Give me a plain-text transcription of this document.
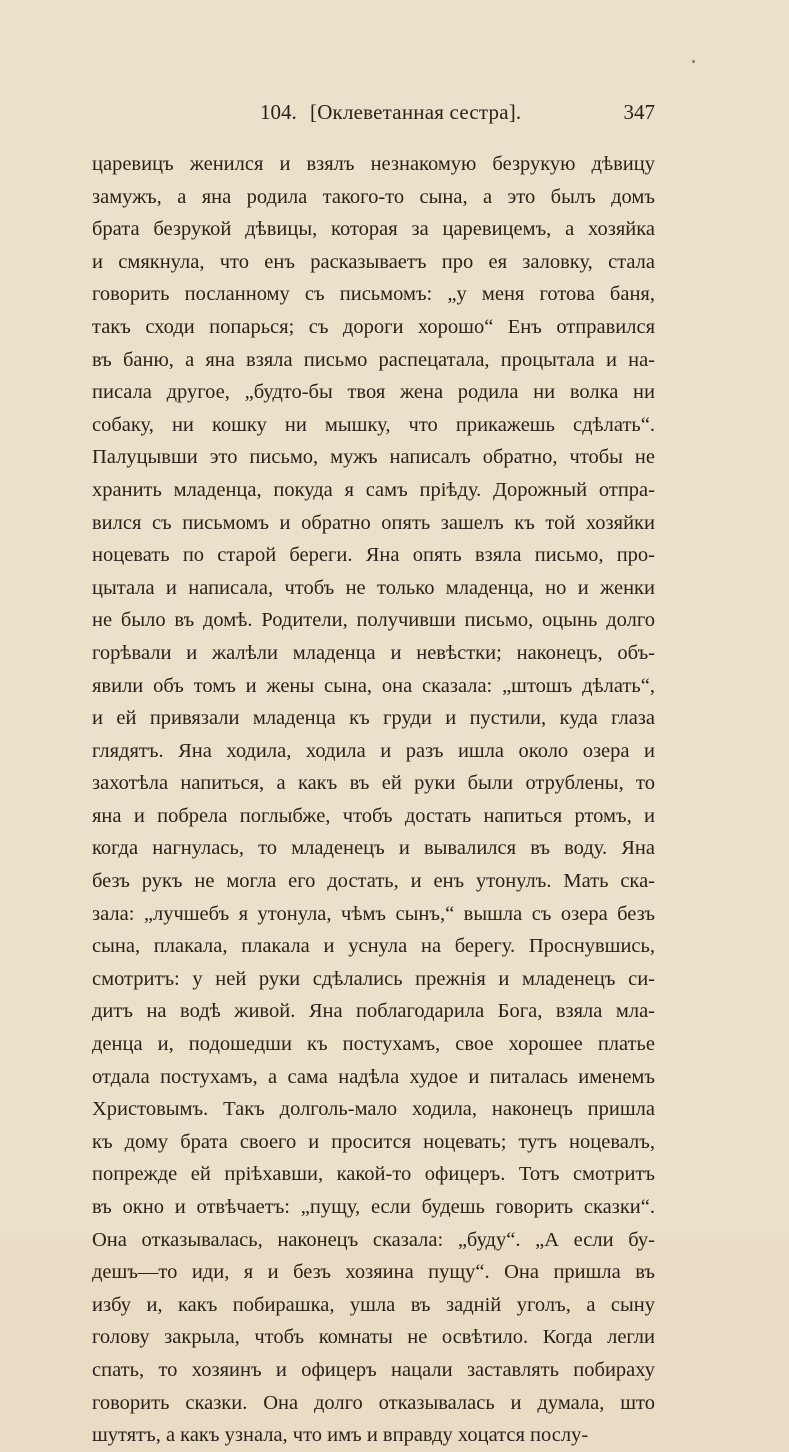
104. [Оклеветанная сестра].	347
царевицъ женился и взялъ незнакомую безрукую дѣвицу
замужъ, а яна родила такого-то сына, а это былъ домъ
брата безрукой дѣвицы, которая за царевицемъ, а хозяйка
и смякнула, что енъ расказываетъ про ея заловку, стала
говорить посланному съ письмомъ: „у меня готова баня,
такъ сходи попарься; съ дороги хорошо“ Енъ отправился
въ баню, а яна взяла письмо распецатала, процытала и на-
писала другое, „будто-бы твоя жена родила ни волка ни
собаку, ни кошку ни мышку, что прикажешь сдѣлать“.
Палуцывши это письмо, мужъ написалъ обратно, чтобы не
хранить младенца, покуда я самъ пріѣду. Дорожный отпра-
вился съ письмомъ и обратно опять зашелъ къ той хозяйки
ноцевать по старой береги. Яна опять взяла письмо, про-
цытала и написала, чтобъ не только младенца, но и женки
не было въ домѣ. Родители, получивши письмо, оцынь долго
горѣвали и жалѣли младенца и невѣстки; наконецъ, объ-
явили объ томъ и жены сына, она сказала: „штошъ дѣлать“,
и ей привязали младенца къ груди и пустили, куда глаза
глядятъ. Яна ходила, ходила и разъ ишла около озера и
захотѣла напиться, а какъ въ ей руки были отрублены, то
яна и побрела поглыбже, чтобъ достать напиться ртомъ, и
когда нагнулась, то младенецъ и вывалился въ воду. Яна
безъ рукъ не могла его достать, и енъ утонулъ. Мать ска-
зала: „лучшебъ я утонула, чѣмъ сынъ,“ вышла съ озера безъ
сына, плакала, плакала и уснула на берегу. Проснувшись,
смотритъ: у ней руки сдѣлались прежнія и младенецъ си-
дитъ на водѣ живой. Яна поблагодарила Бога, взяла мла-
денца и, подошедши къ постухамъ, свое хорошее платье
отдала постухамъ, а сама надѣла худое и питалась именемъ
Христовымъ. Такъ долголь-мало ходила, наконецъ пришла
къ дому брата своего и просится ноцевать; тутъ ноцевалъ,
попрежде ей пріѣхавши, какой-то офицеръ. Тотъ смотритъ
въ окно и отвѣчаетъ: „пущу, если будешь говорить сказки“.
Она отказывалась, наконецъ сказала: „буду“. „А если бу-
дешъ—то иди, я и безъ хозяина пущу“. Она пришла въ
избу и, какъ побирашка, ушла въ задній уголъ, а сыну
голову закрыла, чтобъ комнаты не освѣтило. Когда легли
спать, то хозяинъ и офицеръ нацали заставлять побираху
говорить сказки. Она долго отказывалась и думала, што
шутятъ, а какъ узнала, что имъ и вправду хоцатся послу-
